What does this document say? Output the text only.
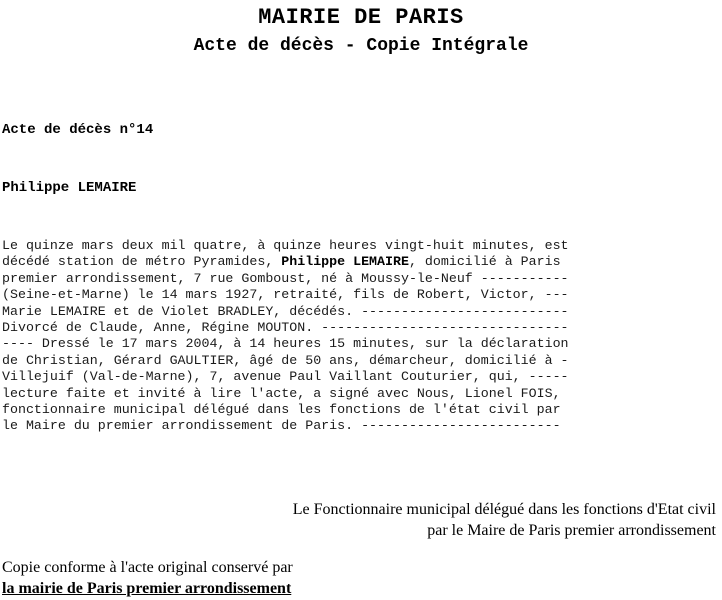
MAIRIE DE PARIS
Acte de décès - Copie Intégrale
Acte de décès n°14
Philippe LEMAIRE
Le quinze mars deux mil quatre, à quinze heures vingt-huit minutes, est
décédé station de métro Pyramides, Philippe LEMAIRE, domicilié à Paris
premier arrondissement, 7 rue Gomboust, né à Moussy-le-Neuf -----------
(Seine-et-Marne) le 14 mars 1927, retraité, fils de Robert, Victor, ---
Marie LEMAIRE et de Violet BRADLEY, décédés. --------------------------
Divorcé de Claude, Anne, Régine MOUTON. -------------------------------
---- Dressé le 17 mars 2004, à 14 heures 15 minutes, sur la déclaration
de Christian, Gérard GAULTIER, âgé de 50 ans, démarcheur, domicilié à -
Villejuif (Val-de-Marne), 7, avenue Paul Vaillant Couturier, qui, -----
lecture faite et invité à lire l'acte, a signé avec Nous, Lionel FOIS,
fonctionnaire municipal délégué dans les fonctions de l'état civil par
le Maire du premier arrondissement de Paris. -------------------------
Le Fonctionnaire municipal délégué dans les fonctions d'Etat civil
par le Maire de Paris premier arrondissement
Copie conforme à l'acte original conservé par
la mairie de Paris premier arrondissement
